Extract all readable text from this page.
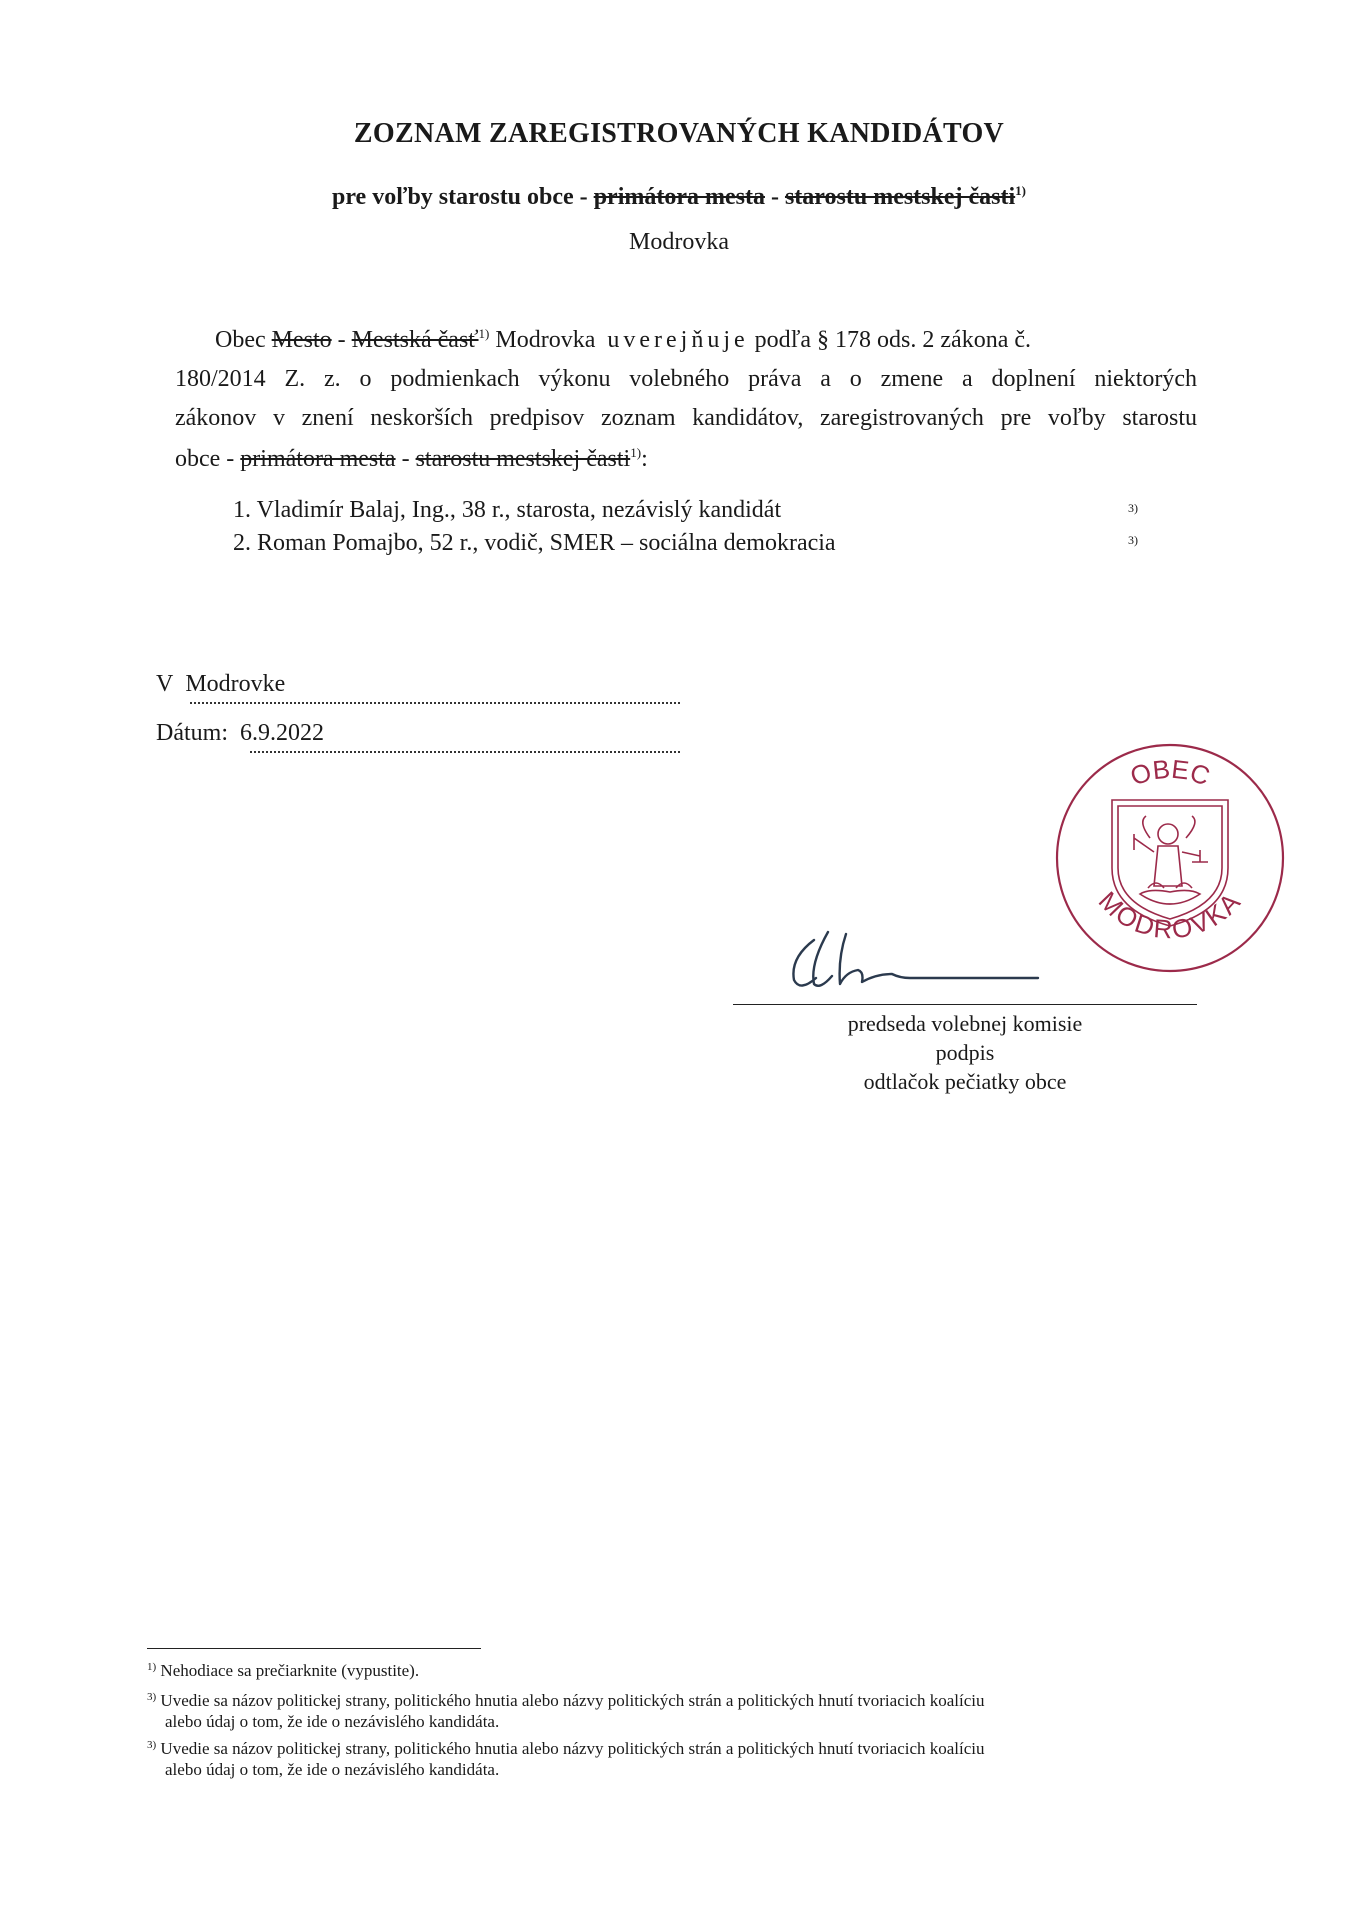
ZOZNAM ZAREGISTROVANÝCH KANDIDÁTOV
pre voľby starostu obce - primátora mesta - starostu mestskej časti$^{1)}$
Modrovka
Obec Mesto - Mestská časť$^{1)}$ Modrovka  uverejňuje podľa § 178 ods. 2 zákona č.
180/2014 Z. z. o podmienkach výkonu volebného práva a o zmene a doplnení niektorých
zákonov v znení neskorších predpisov zoznam kandidátov, zaregistrovaných pre voľby starostu
obce - primátora mesta - starostu mestskej časti$^{1)}$:
1. Vladimír Balaj, Ing., 38 r., starosta, nezávislý kandidát	3)
2. Roman Pomajbo, 52 r., vodič, SMER – sociálna demokracia	3)
V Modrovke
Dátum: 6.9.2022
OBEC
MODROVKA
predseda volebnej komisie
podpis
odtlačok pečiatky obce
$^{1)}$ Nehodiace sa prečiarknite (vypustite).
$^{3)}$ Uvedie sa názov politickej strany, politického hnutia alebo názvy politických strán a politických hnutí tvoriacich koalíciu
alebo údaj o tom, že ide o nezávislého kandidáta.
$^{3)}$ Uvedie sa názov politickej strany, politického hnutia alebo názvy politických strán a politických hnutí tvoriacich koalíciu
alebo údaj o tom, že ide o nezávislého kandidáta.
